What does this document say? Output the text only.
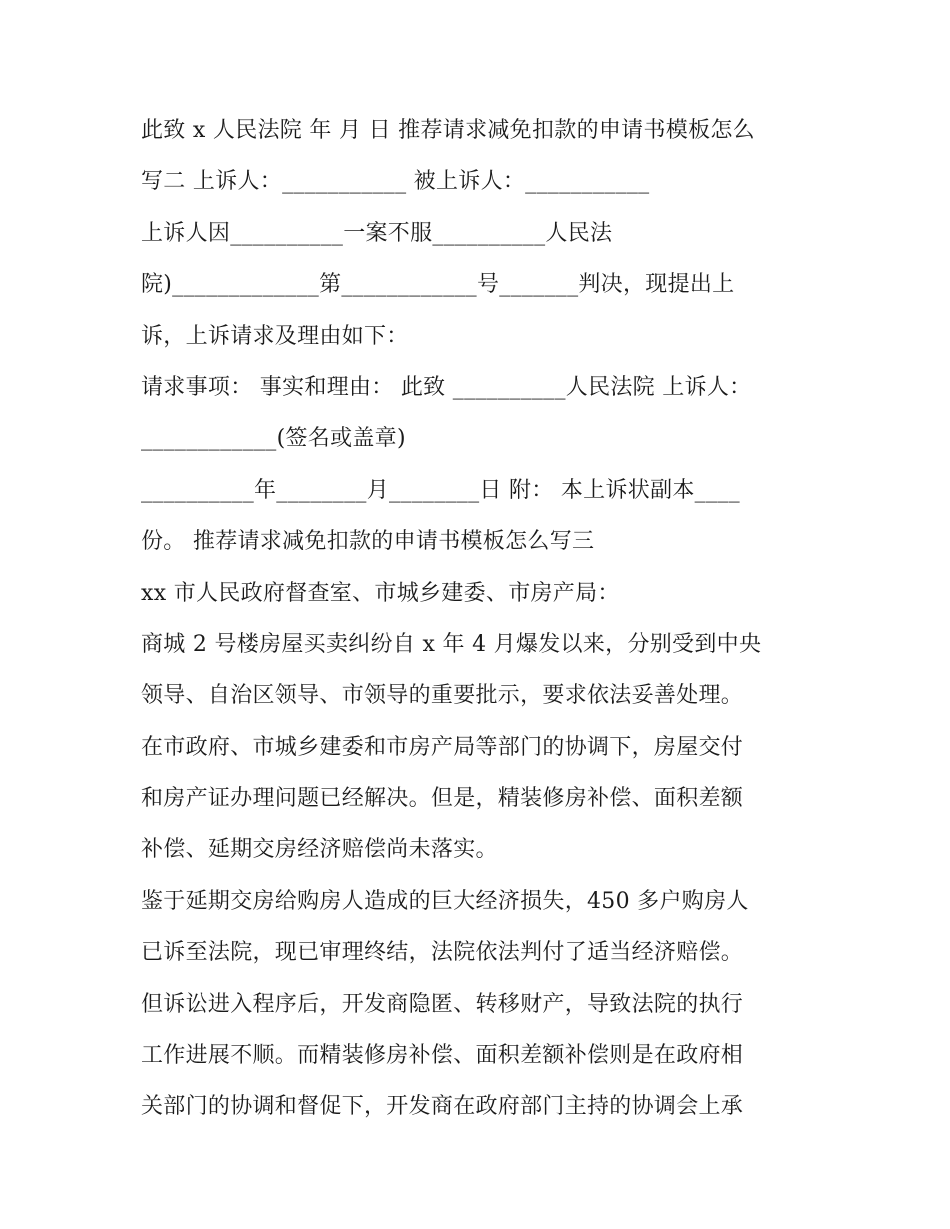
此致 x 人民法院 年 月 日 推荐请求减免扣款的申请书模板怎么
写二 上诉人：___________ 被上诉人：___________
上诉人因__________一案不服__________人民法
院)_____________第____________号_______判决，现提出上
诉，上诉请求及理由如下：
请求事项： 事实和理由： 此致 __________人民法院 上诉人：
____________(签名或盖章)
__________年________月________日 附： 本上诉状副本____
份。 推荐请求减免扣款的申请书模板怎么写三
xx 市人民政府督查室、市城乡建委、市房产局：
商城 2 号楼房屋买卖纠纷自 x 年 4 月爆发以来，分别受到中央
领导、自治区领导、市领导的重要批示，要求依法妥善处理。
在市政府、市城乡建委和市房产局等部门的协调下，房屋交付
和房产证办理问题已经解决。但是，精装修房补偿、面积差额
补偿、延期交房经济赔偿尚未落实。
鉴于延期交房给购房人造成的巨大经济损失，450 多户购房人
已诉至法院，现已审理终结，法院依法判付了适当经济赔偿。
但诉讼进入程序后，开发商隐匿、转移财产，导致法院的执行
工作进展不顺。而精装修房补偿、面积差额补偿则是在政府相
关部门的协调和督促下，开发商在政府部门主持的协调会上承
